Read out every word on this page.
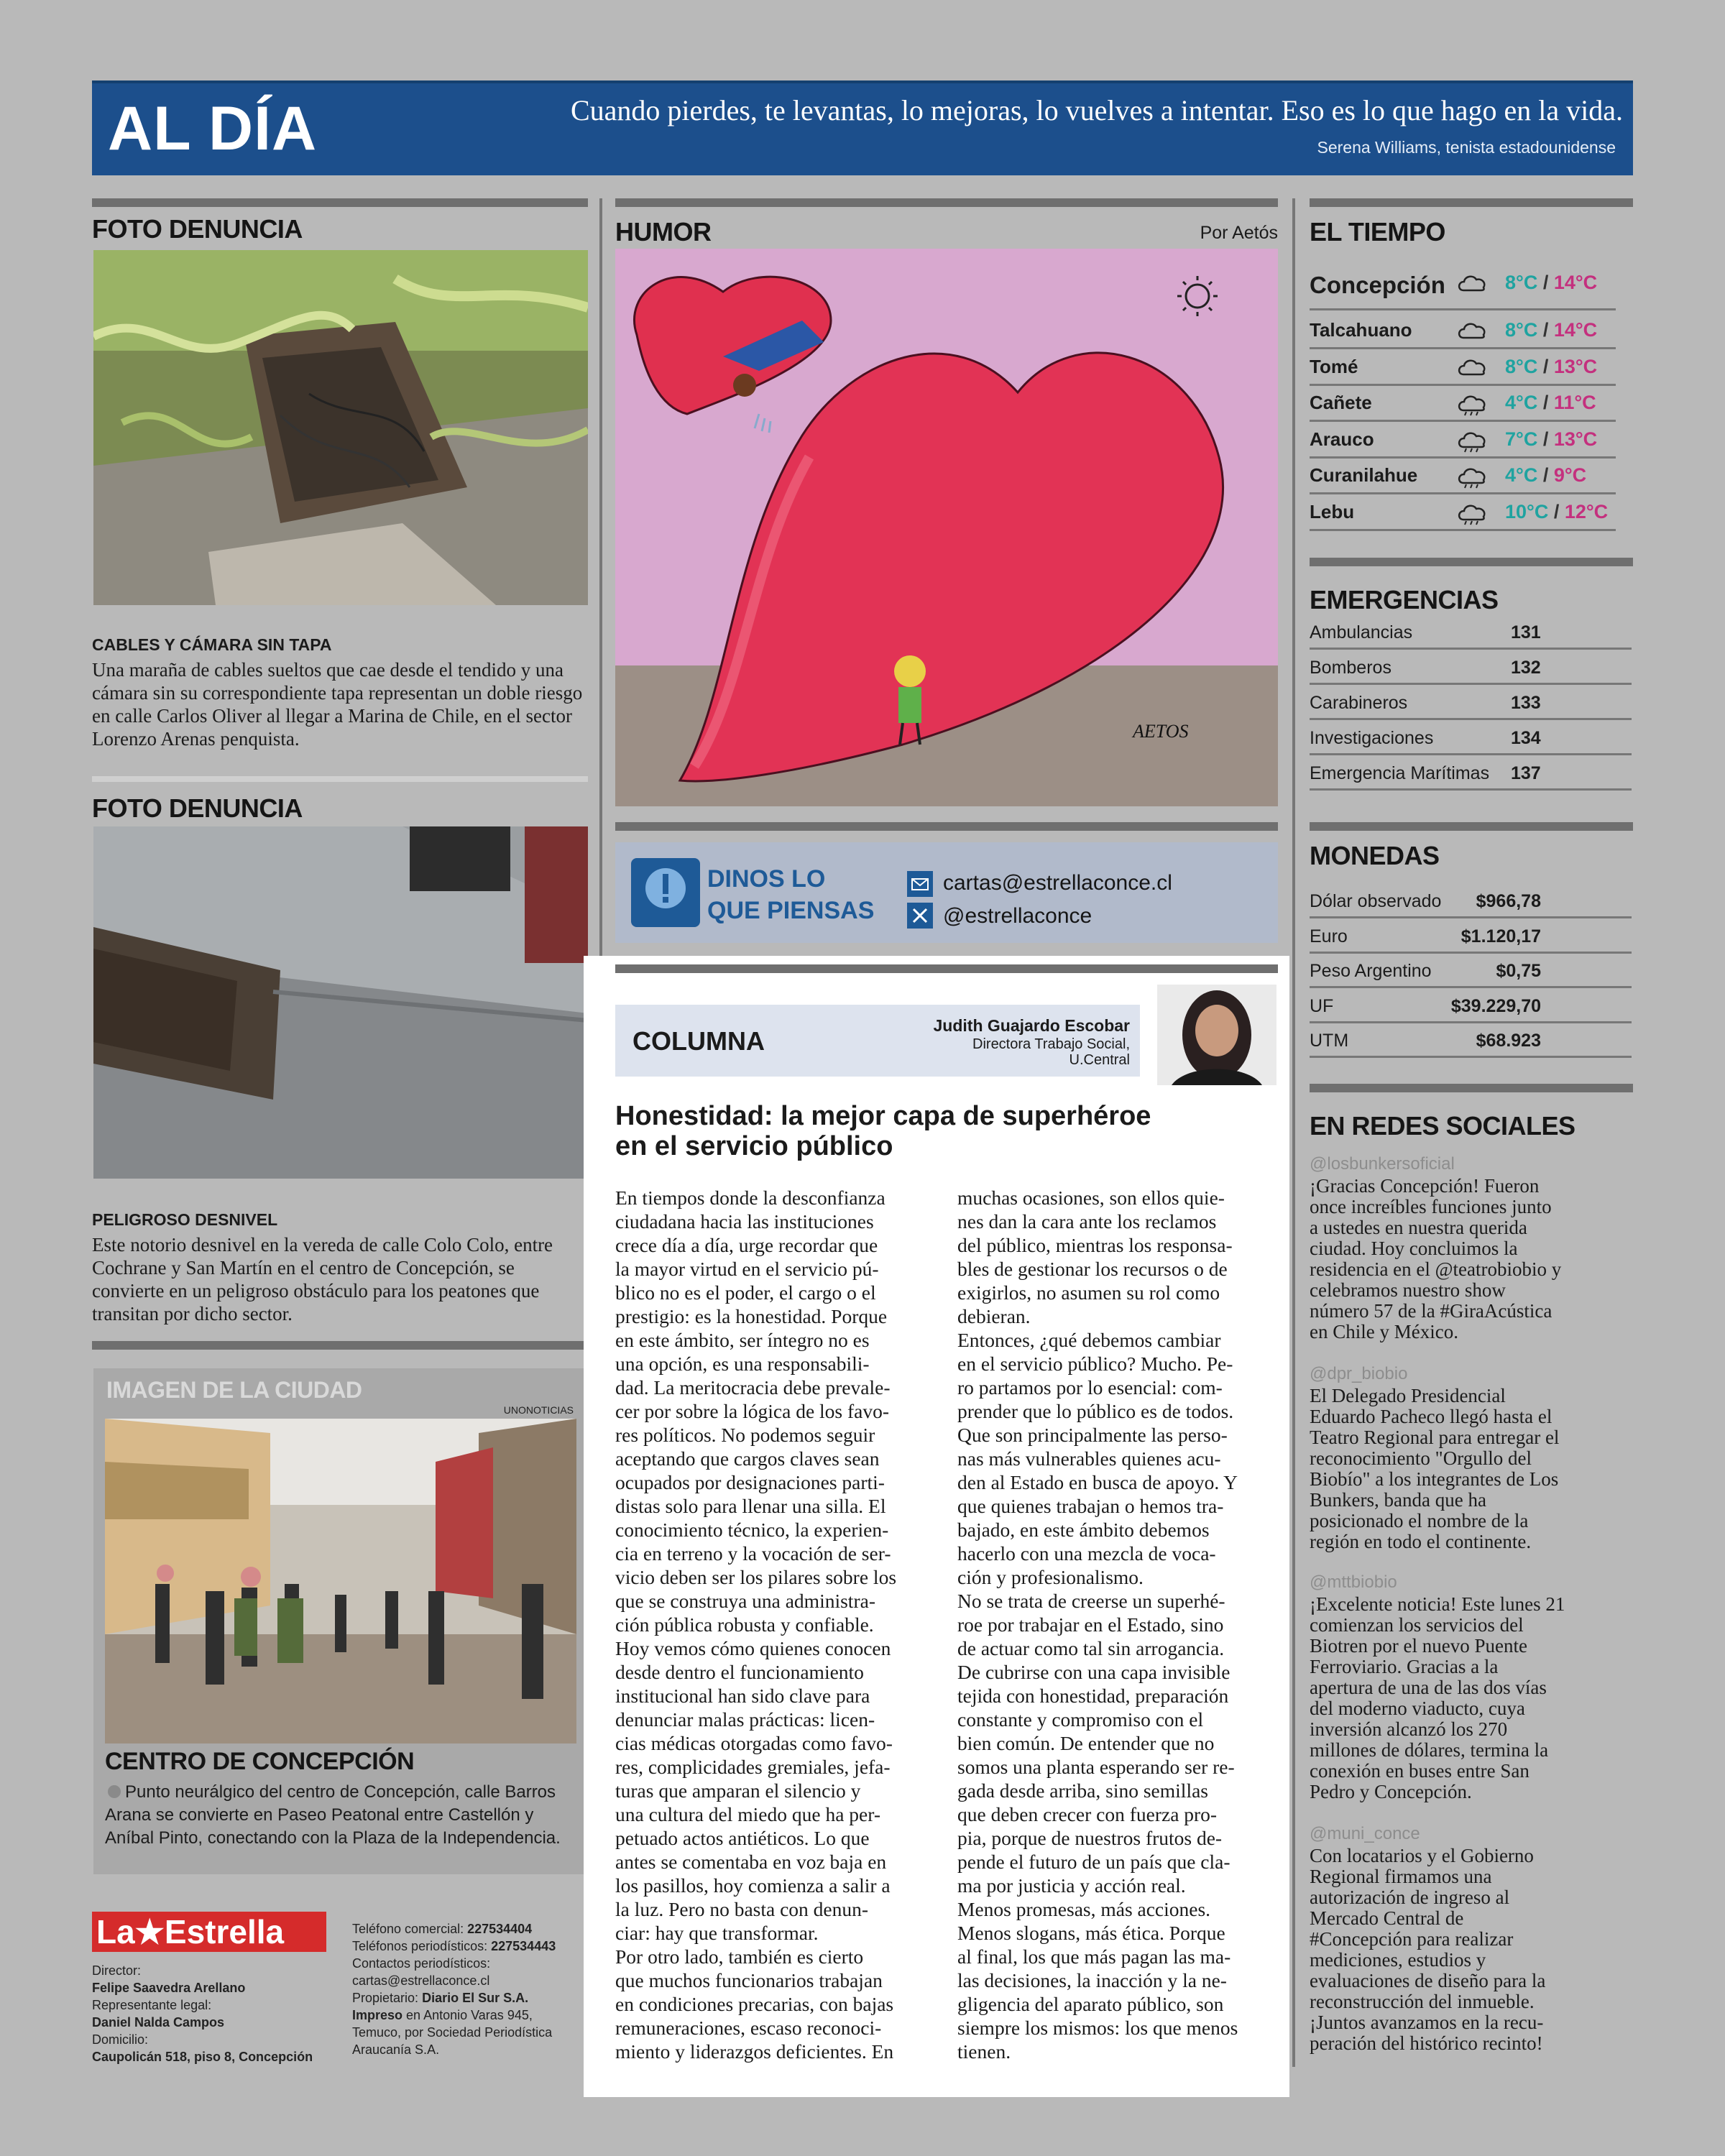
AL DÍA	Cuando pierdes, te levantas, lo mejoras, lo vuelves a intentar. Eso es lo que hago en la vida.
Serena Williams, tenista estadounidense
FOTO DENUNCIA
CABLES Y CÁMARA SIN TAPA
Una maraña de cables sueltos que cae desde el tendido y una cámara sin su correspondiente tapa representan un doble riesgo en calle Carlos Oliver al llegar a Marina de Chile, en el sector Lorenzo Arenas penquista.
FOTO DENUNCIA
PELIGROSO DESNIVEL
Este notorio desnivel en la vereda de calle Colo Colo, entre Cochrane y San Martín en el centro de Concepción, se convierte en un peligroso obstáculo para los peatones que transitan por dicho sector.
IMAGEN DE LA CIUDAD
UNONOTICIAS
CENTRO DE CONCEPCIÓN
Punto neurálgico del centro de Concepción, calle Barros Arana se convierte en Paseo Peatonal entre Castellón y Aníbal Pinto, conectando con la Plaza de la Independencia.
La★Estrella
Director:
Felipe Saavedra Arellano
Representante legal:
Daniel Nalda Campos
Domicilio:
Caupolicán 518, piso 8, Concepción
Teléfono comercial: 227534404
Teléfonos periodísticos: 227534443
Contactos periodísticos:
cartas@estrellaconce.cl
Propietario: Diario El Sur S.A.
Impreso en Antonio Varas 945, Temuco, por Sociedad Periodística Araucanía S.A.
HUMOR	Por Aetós
AETOS
DINOS LO
QUE PIENSAS
cartas@estrellaconce.cl
@estrellaconce
COLUMNA
Judith Guajardo Escobar
Directora Trabajo Social,
U.Central
Honestidad: la mejor capa de superhéroe
en el servicio público
En tiempos donde la desconfianza
ciudadana hacia las instituciones
crece día a día, urge recordar que
la mayor virtud en el servicio pú-
blico no es el poder, el cargo o el
prestigio: es la honestidad. Porque
en este ámbito, ser íntegro no es
una opción, es una responsabili-
dad. La meritocracia debe prevale-
cer por sobre la lógica de los favo-
res políticos. No podemos seguir
aceptando que cargos claves sean
ocupados por designaciones parti-
distas solo para llenar una silla. El
conocimiento técnico, la experien-
cia en terreno y la vocación de ser-
vicio deben ser los pilares sobre los
que se construya una administra-
ción pública robusta y confiable.
Hoy vemos cómo quienes conocen
desde dentro el funcionamiento
institucional han sido clave para
denunciar malas prácticas: licen-
cias médicas otorgadas como favo-
res, complicidades gremiales, jefa-
turas que amparan el silencio y
una cultura del miedo que ha per-
petuado actos antiéticos. Lo que
antes se comentaba en voz baja en
los pasillos, hoy comienza a salir a
la luz. Pero no basta con denun-
ciar: hay que transformar.
Por otro lado, también es cierto
que muchos funcionarios trabajan
en condiciones precarias, con bajas
remuneraciones, escaso reconoci-
miento y liderazgos deficientes. En
muchas ocasiones, son ellos quie-
nes dan la cara ante los reclamos
del público, mientras los responsa-
bles de gestionar los recursos o de
exigirlos, no asumen su rol como
debieran.
Entonces, ¿qué debemos cambiar
en el servicio público? Mucho. Pe-
ro partamos por lo esencial: com-
prender que lo público es de todos.
Que son principalmente las perso-
nas más vulnerables quienes acu-
den al Estado en busca de apoyo. Y
que quienes trabajan o hemos tra-
bajado, en este ámbito debemos
hacerlo con una mezcla de voca-
ción y profesionalismo.
No se trata de creerse un superhé-
roe por trabajar en el Estado, sino
de actuar como tal sin arrogancia.
De cubrirse con una capa invisible
tejida con honestidad, preparación
constante y compromiso con el
bien común. De entender que no
somos una planta esperando ser re-
gada desde arriba, sino semillas
que deben crecer con fuerza pro-
pia, porque de nuestros frutos de-
pende el futuro de un país que cla-
ma por justicia y acción real.
Menos promesas, más acciones.
Menos slogans, más ética. Porque
al final, los que más pagan las ma-
las decisiones, la inacción y la ne-
gligencia del aparato público, son
siempre los mismos: los que menos
tienen.
EL TIEMPO
Concepción	8°C / 14°C
Talcahuano	8°C / 14°C
Tomé	8°C / 13°C
Cañete	4°C / 11°C
Arauco	7°C / 13°C
Curanilahue	4°C / 9°C
Lebu	10°C / 12°C
EMERGENCIAS
Ambulancias	131
Bomberos	132
Carabineros	133
Investigaciones	134
Emergencia Marítimas 137
MONEDAS
Dólar observado $966,78
Euro	$1.120,17
Peso Argentino	$0,75
UF	$39.229,70
UTM	$68.923
EN REDES SOCIALES
@losbunkersoficial
¡Gracias Concepción! Fueron
once increíbles funciones junto
a ustedes en nuestra querida
ciudad. Hoy concluimos la
residencia en el @teatrobiobio y
celebramos nuestro show
número 57 de la #GiraAcústica
en Chile y México.
@dpr_biobio
El Delegado Presidencial
Eduardo Pacheco llegó hasta el
Teatro Regional para entregar el
reconocimiento "Orgullo del
Biobío" a los integrantes de Los
Bunkers, banda que ha
posicionado el nombre de la
región en todo el continente.
@mttbiobio
¡Excelente noticia! Este lunes 21
comienzan los servicios del
Biotren por el nuevo Puente
Ferroviario. Gracias a la
apertura de una de las dos vías
del moderno viaducto, cuya
inversión alcanzó los 270
millones de dólares, termina la
conexión en buses entre San
Pedro y Concepción.
@muni_conce
Con locatarios y el Gobierno
Regional firmamos una
autorización de ingreso al
Mercado Central de
#Concepción para realizar
mediciones, estudios y
evaluaciones de diseño para la
reconstrucción del inmueble.
¡Juntos avanzamos en la recu-
peración del histórico recinto!
